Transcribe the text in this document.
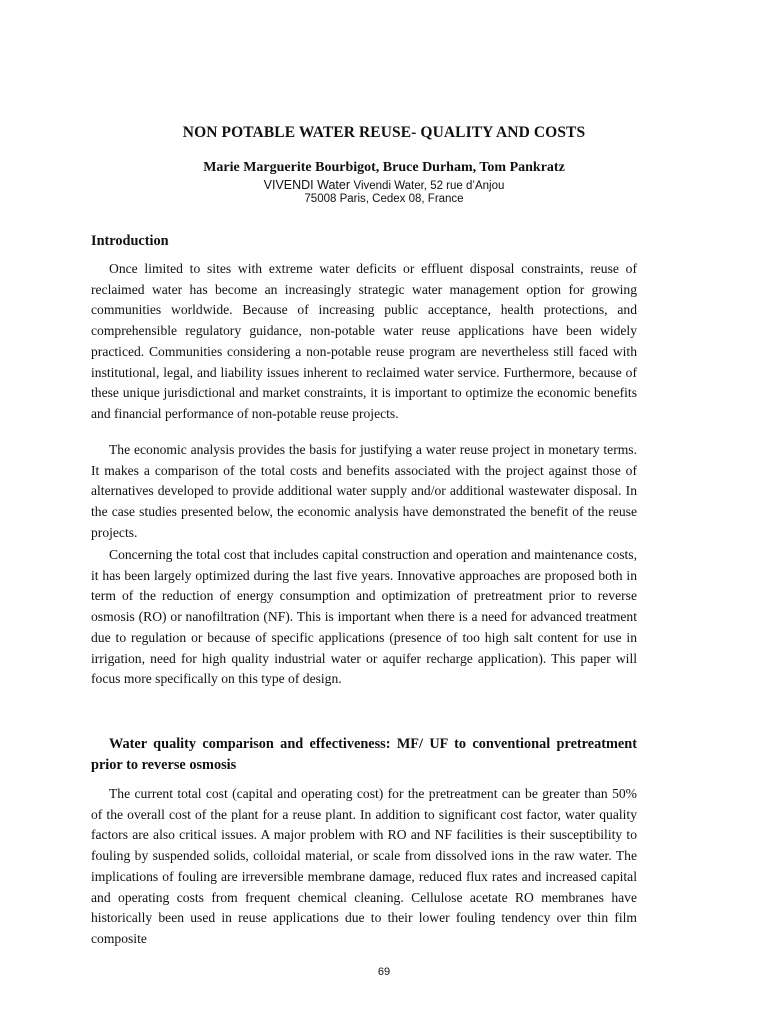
NON POTABLE WATER REUSE- QUALITY AND COSTS

Marie Marguerite Bourbigot, Bruce Durham, Tom Pankratz

VIVENDI Water Vivendi Water, 52 rue d’Anjou

75008 Paris, Cedex 08, France

Introduction

Once limited to sites with extreme water deficits or effluent disposal constraints, reuse of reclaimed water has become an increasingly strategic water management option for growing communities worldwide. Because of increasing public acceptance, health protections, and comprehensible regulatory guidance, non-potable water reuse applications have been widely practiced. Communities considering a non-potable reuse program are nevertheless still faced with institutional, legal, and liability issues inherent to reclaimed water service. Furthermore, because of these unique jurisdictional and market constraints, it is important to optimize the economic benefits and financial performance of non-potable reuse projects.

The economic analysis provides the basis for justifying a water reuse project in monetary terms. It makes a comparison of the total costs and benefits associated with the project against those of alternatives developed to provide additional water supply and/or additional wastewater disposal. In the case studies presented below, the economic analysis have demonstrated the benefit of the reuse projects.

Concerning the total cost that includes capital construction and operation and maintenance costs, it has been largely optimized during the last five years. Innovative approaches are proposed both in term of the reduction of energy consumption and optimization of pretreatment prior to reverse osmosis (RO) or nanofiltration (NF). This is important when there is a need for advanced treatment due to regulation or because of specific applications (presence of too high salt content for use in irrigation, need for high quality industrial water or aquifer recharge application). This paper will focus more specifically on this type of design.

Water quality comparison and effectiveness: MF/ UF to conventional pretreatment prior to reverse osmosis

The current total cost (capital and operating cost) for the pretreatment can be greater than 50% of the overall cost of the plant for a reuse plant. In addition to significant cost factor, water quality factors are also critical issues. A major problem with RO and NF facilities is their susceptibility to fouling by suspended solids, colloidal material, or scale from dissolved ions in the raw water. The implications of fouling are irreversible membrane damage, reduced flux rates and increased capital and operating costs from frequent chemical cleaning. Cellulose acetate RO membranes have historically been used in reuse applications due to their lower fouling tendency over thin film composite

69
